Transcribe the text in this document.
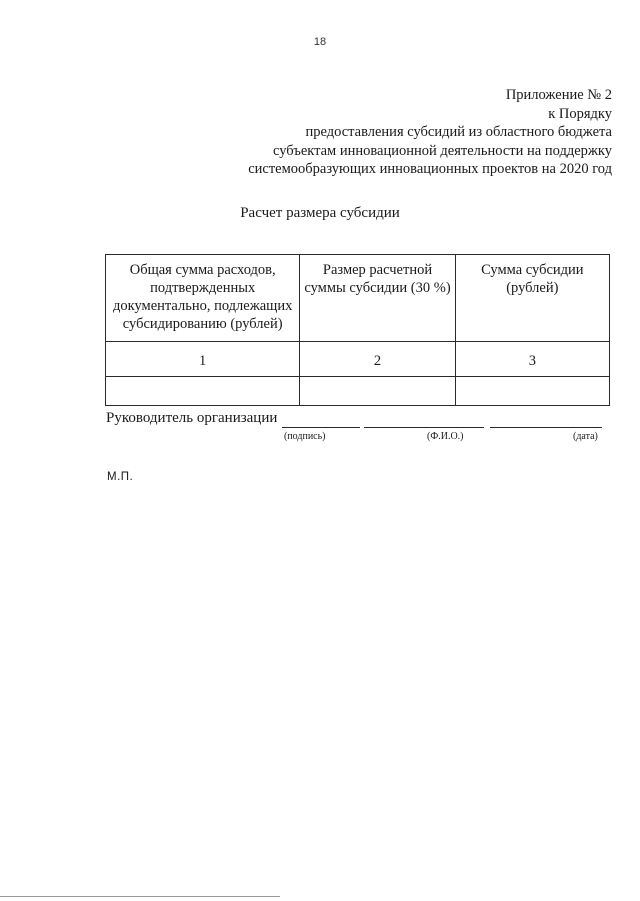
18
Приложение № 2
к Порядку
предоставления субсидий из областного бюджета
субъектам инновационной деятельности на поддержку
системообразующих инновационных проектов на 2020 год
Расчет размера субсидии
Общая сумма расходов, подтвержденных документально, подлежащих субсидированию (рублей)	Размер расчетной суммы субсидии (30 %)	Сумма субсидии (рублей)

1	2	3

Руководитель организации
(подпись)	(Ф.И.О.)	(дата)
М.П.
